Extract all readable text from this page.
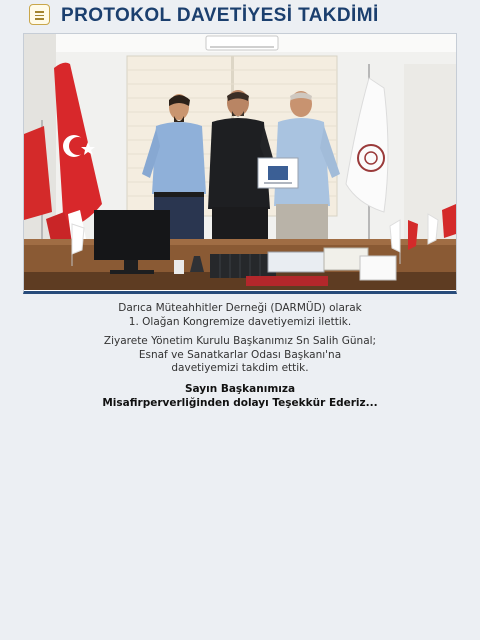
PROTOKOL DAVETİYESİ TAKDİMİ

Darıca Müteahhitler Derneği (DARMÜD) olarak
1. Olağan Kongremize davetiyemizi ilettik.

Ziyarete Yönetim Kurulu Başkanımız Sn Salih Günal;
Esnaf ve Sanatkarlar Odası Başkanı'na
davetiyemizi takdim ettik.

Sayın Başkanımıza
Misafirperverliğinden dolayı Teşekkür Ederiz...
